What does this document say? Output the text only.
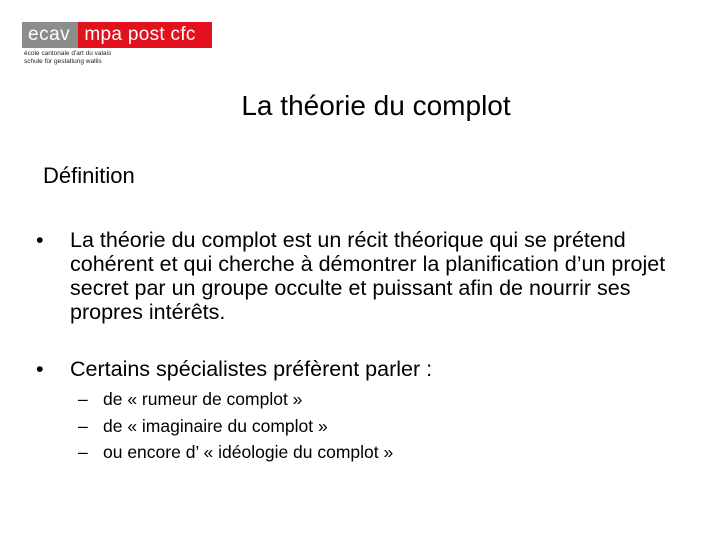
ecav mpa post cfc
école cantonale d'art du valais
schule für gestaltung wallis
La théorie du complot
Définition
• La théorie du complot est un récit théorique qui se prétend cohérent et qui cherche à démontrer la planification d’un projet secret par un groupe occulte et puissant afin de nourrir ses propres intérêts.
• Certains spécialistes préfèrent parler :
– de « rumeur de complot »
– de « imaginaire du complot »
– ou encore d’ « idéologie du complot »
